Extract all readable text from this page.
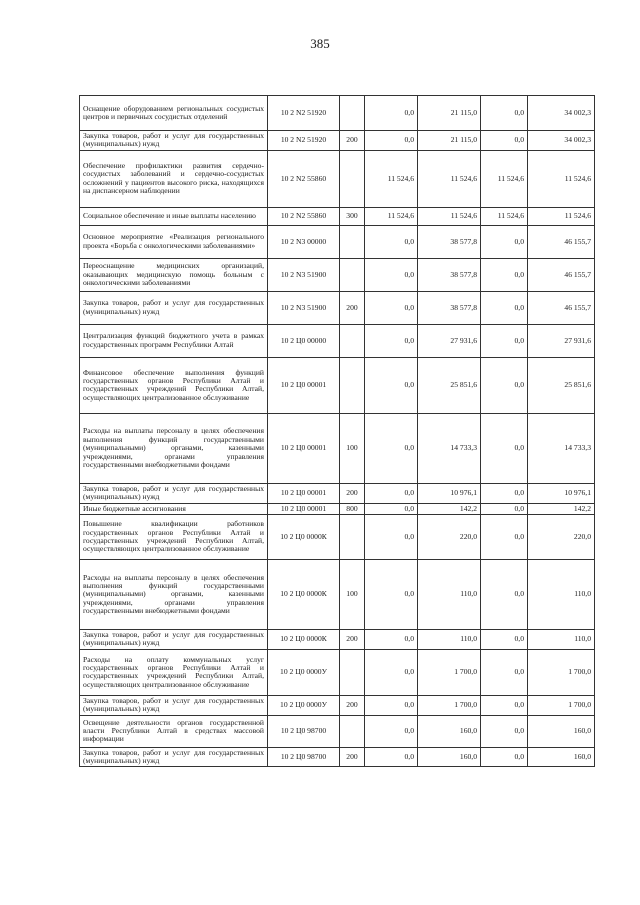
385
Оснащение оборудованием региональных сосудистых центров и первичных сосудистых отделений	10 2 N2 51920		0,0	21 115,0	0,0	34 002,3
Закупка товаров, работ и услуг для государственных (муниципальных) нужд	10 2 N2 51920	200	0,0	21 115,0	0,0	34 002,3
Обеспечение профилактики развития сердечно-сосудистых заболеваний и сердечно-сосудистых осложнений у пациентов высокого риска, находящихся на диспансерном наблюдении	10 2 N2 55860		11 524,6	11 524,6	11 524,6	11 524,6
Социальное обеспечение и иные выплаты населению	10 2 N2 55860	300	11 524,6	11 524,6	11 524,6	11 524,6
Основное мероприятие «Реализация регионального проекта «Борьба с онкологическими заболеваниями»	10 2 N3 00000		0,0	38 577,8	0,0	46 155,7
Переоснащение медицинских организаций, оказывающих медицинскую помощь больным с онкологическими заболеваниями	10 2 N3 51900		0,0	38 577,8	0,0	46 155,7
Закупка товаров, работ и услуг для государственных (муниципальных) нужд	10 2 N3 51900	200	0,0	38 577,8	0,0	46 155,7
Централизация функций бюджетного учета в рамках государственных программ Республики Алтай	10 2 Ц0 00000		0,0	27 931,6	0,0	27 931,6
Финансовое обеспечение выполнения функций государственных органов Республики Алтай и государственных учреждений Республики Алтай, осуществляющих централизованное обслуживание	10 2 Ц0 00001		0,0	25 851,6	0,0	25 851,6
Расходы на выплаты персоналу в целях обеспечения выполнения функций государственными (муниципальными) органами, казенными учреждениями, органами управления государственными внебюджетными фондами	10 2 Ц0 00001	100	0,0	14 733,3	0,0	14 733,3
Закупка товаров, работ и услуг для государственных (муниципальных) нужд	10 2 Ц0 00001	200	0,0	10 976,1	0,0	10 976,1
Иные бюджетные ассигнования	10 2 Ц0 00001	800	0,0	142,2	0,0	142,2
Повышение квалификации работников государственных органов Республики Алтай и государственных учреждений Республики Алтай, осуществляющих централизованное обслуживание	10 2 Ц0 0000К		0,0	220,0	0,0	220,0
Расходы на выплаты персоналу в целях обеспечения выполнения функций государственными (муниципальными) органами, казенными учреждениями, органами управления государственными внебюджетными фондами	10 2 Ц0 0000К	100	0,0	110,0	0,0	110,0
Закупка товаров, работ и услуг для государственных (муниципальных) нужд	10 2 Ц0 0000К	200	0,0	110,0	0,0	110,0
Расходы на оплату коммунальных услуг государственных органов Республики Алтай и государственных учреждений Республики Алтай, осуществляющих централизованное обслуживание	10 2 Ц0 0000У		0,0	1 700,0	0,0	1 700,0
Закупка товаров, работ и услуг для государственных (муниципальных) нужд	10 2 Ц0 0000У	200	0,0	1 700,0	0,0	1 700,0
Освещение деятельности органов государственной власти Республики Алтай в средствах массовой информации	10 2 Ц0 98700		0,0	160,0	0,0	160,0
Закупка товаров, работ и услуг для государственных (муниципальных) нужд	10 2 Ц0 98700	200	0,0	160,0	0,0	160,0
